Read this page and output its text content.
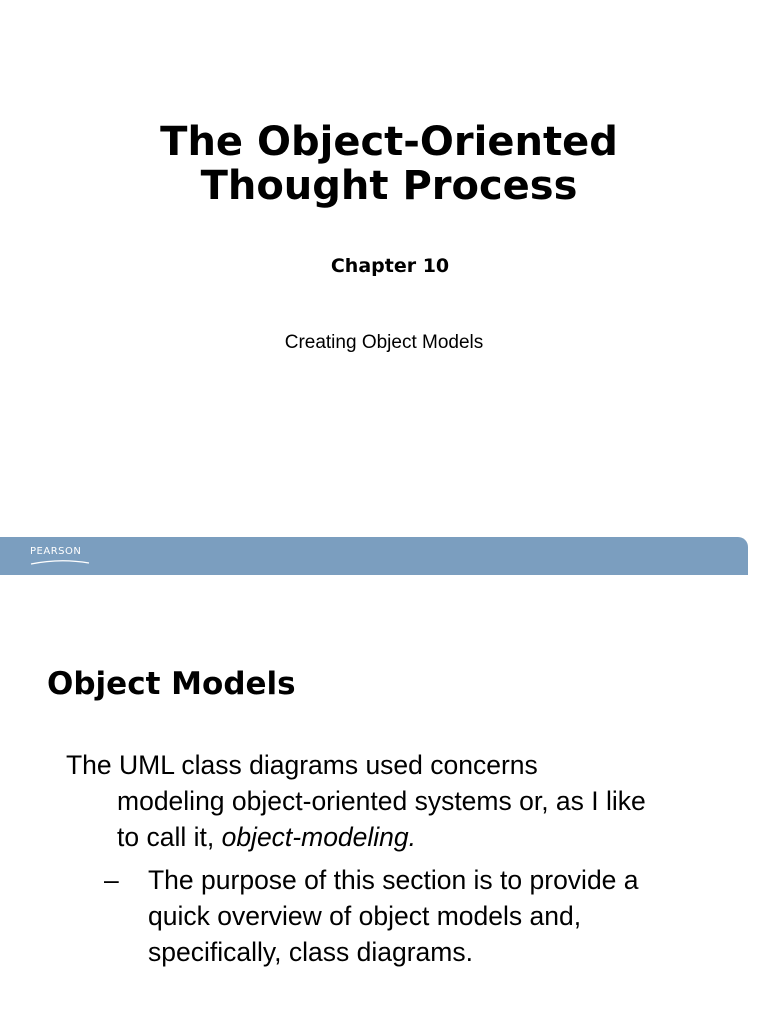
The Object-Oriented
Thought Process
Chapter 10
Creating Object Models
PEARSON
Object Models
The UML class diagrams used concerns
modeling object-oriented systems or, as I like
to call it, object-modeling.
– The purpose of this section is to provide a
quick overview of object models and,
specifically, class diagrams.
